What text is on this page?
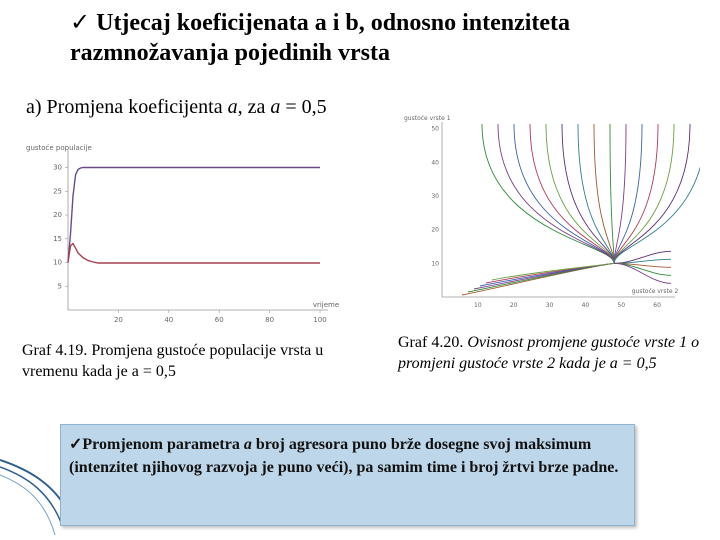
✓ Utjecaj koeficijenata a i b, odnosno intenziteta razmnožavanja pojedinih vrsta
a) Promjena koeficijenta a, za a = 0,5
gustoće populacije
vrijeme
20	40	60	80	100
5
10
15
20
25
30
gustoće vrste 1
gustoće vrste 2
10	20	30	40	50	60
10
20
30
40
50
Graf 4.19. Promjena gustoće populacije vrsta u vremenu kada je a = 0,5
Graf 4.20. Ovisnost promjene gustoće vrste 1 o promjeni gustoće vrste 2 kada je a = 0,5
✓Promjenom parametra a broj agresora puno brže dosegne svoj maksimum (intenzitet njihovog razvoja je puno veći), pa samim time i broj žrtvi brze padne.
